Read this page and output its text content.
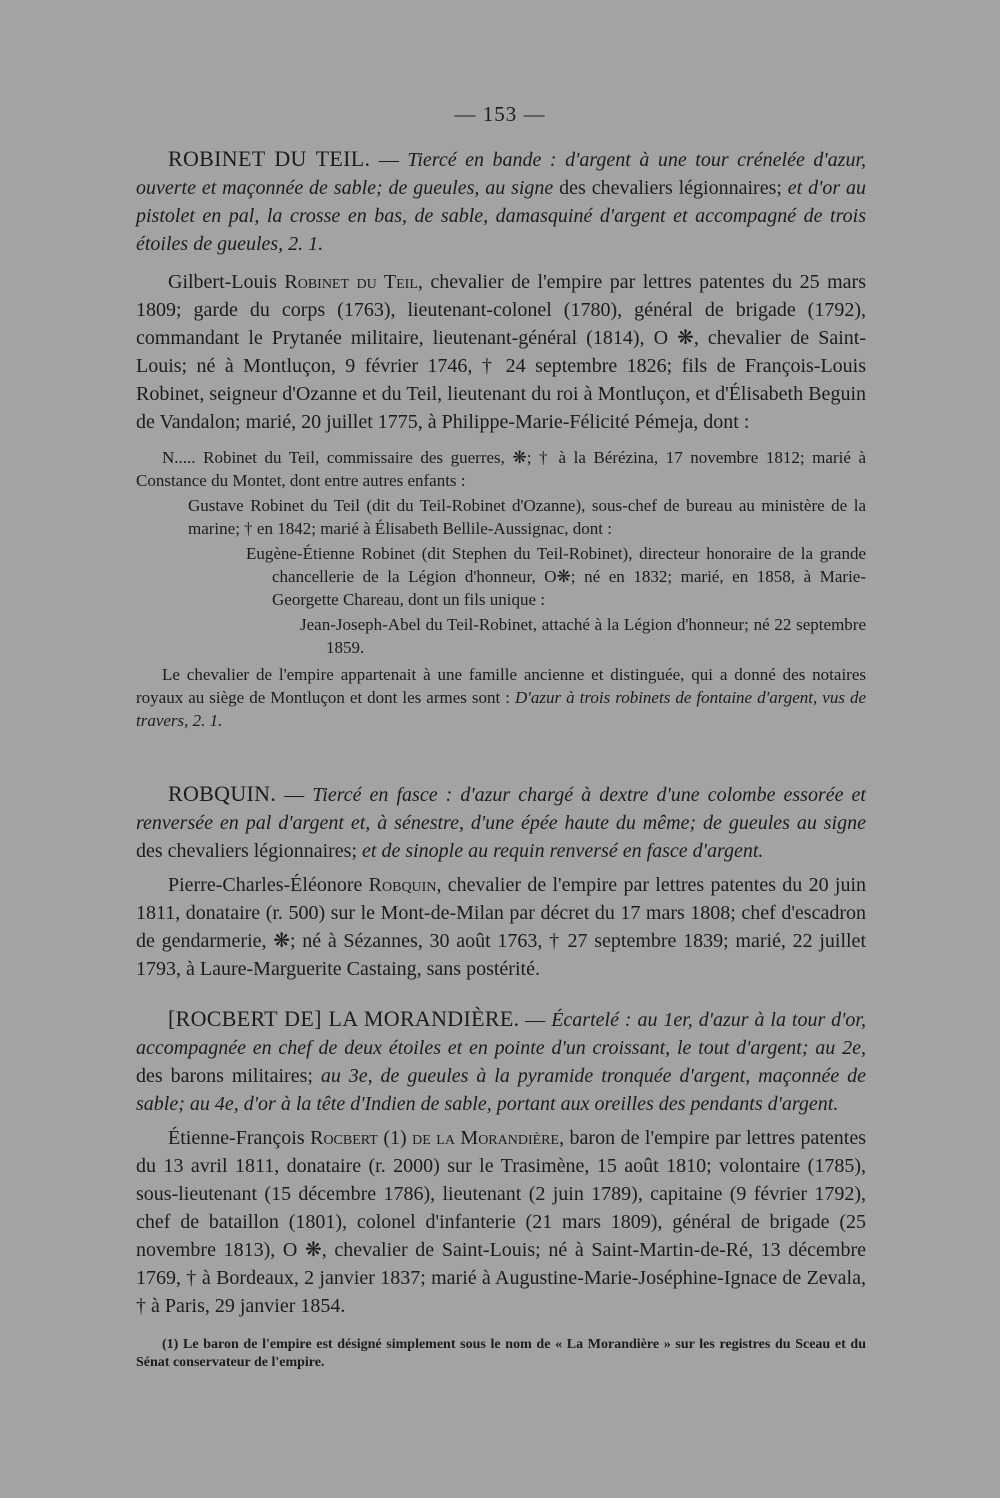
— 153 —

ROBINET DU TEIL. — Tiercé en bande : d'argent à une tour crénelée d'azur, ouverte et maçonnée de sable; de gueules, au signe des chevaliers légionnaires; et d'or au pistolet en pal, la crosse en bas, de sable, damasquiné d'argent et accompagné de trois étoiles de gueules, 2. 1.

Gilbert-Louis Robinet du Teil, chevalier de l'empire par lettres patentes du 25 mars 1809; garde du corps (1763), lieutenant-colonel (1780), général de brigade (1792), commandant le Prytanée militaire, lieutenant-général (1814), O ❋, chevalier de Saint-Louis; né à Montluçon, 9 février 1746, † 24 septembre 1826; fils de François-Louis Robinet, seigneur d'Ozanne et du Teil, lieutenant du roi à Montluçon, et d'Élisabeth Beguin de Vandalon; marié, 20 juillet 1775, à Philippe-Marie-Félicité Pémeja, dont :

N..... Robinet du Teil, commissaire des guerres, ❋; † à la Bérézina, 17 novembre 1812; marié à Constance du Montet, dont entre autres enfants :

Gustave Robinet du Teil (dit du Teil-Robinet d'Ozanne), sous-chef de bureau au ministère de la marine; † en 1842; marié à Élisabeth Bellile-Aussignac, dont :

Eugène-Étienne Robinet (dit Stephen du Teil-Robinet), directeur honoraire de la grande chancellerie de la Légion d'honneur, O❋; né en 1832; marié, en 1858, à Marie-Georgette Chareau, dont un fils unique :

Jean-Joseph-Abel du Teil-Robinet, attaché à la Légion d'honneur; né 22 septembre 1859.

Le chevalier de l'empire appartenait à une famille ancienne et distinguée, qui a donné des notaires royaux au siège de Montluçon et dont les armes sont : D'azur à trois robinets de fontaine d'argent, vus de travers, 2. 1.

ROBQUIN. — Tiercé en fasce : d'azur chargé à dextre d'une colombe essorée et renversée en pal d'argent et, à sénestre, d'une épée haute du même; de gueules au signe des chevaliers légionnaires; et de sinople au requin renversé en fasce d'argent.

Pierre-Charles-Éléonore Robquin, chevalier de l'empire par lettres patentes du 20 juin 1811, donataire (r. 500) sur le Mont-de-Milan par décret du 17 mars 1808; chef d'escadron de gendarmerie, ❋; né à Sézannes, 30 août 1763, † 27 septembre 1839; marié, 22 juillet 1793, à Laure-Marguerite Castaing, sans postérité.

[ROCBERT DE] LA MORANDIÈRE. — Écartelé : au 1er, d'azur à la tour d'or, accompagnée en chef de deux étoiles et en pointe d'un croissant, le tout d'argent; au 2e, des barons militaires; au 3e, de gueules à la pyramide tronquée d'argent, maçonnée de sable; au 4e, d'or à la tête d'Indien de sable, portant aux oreilles des pendants d'argent.

Étienne-François Rocbert (1) de la Morandière, baron de l'empire par lettres patentes du 13 avril 1811, donataire (r. 2000) sur le Trasimène, 15 août 1810; volontaire (1785), sous-lieutenant (15 décembre 1786), lieutenant (2 juin 1789), capitaine (9 février 1792), chef de bataillon (1801), colonel d'infanterie (21 mars 1809), général de brigade (25 novembre 1813), O ❋, chevalier de Saint-Louis; né à Saint-Martin-de-Ré, 13 décembre 1769, † à Bordeaux, 2 janvier 1837; marié à Augustine-Marie-Joséphine-Ignace de Zevala, † à Paris, 29 janvier 1854.

(1) Le baron de l'empire est désigné simplement sous le nom de « La Morandière » sur les registres du Sceau et du Sénat conservateur de l'empire.
